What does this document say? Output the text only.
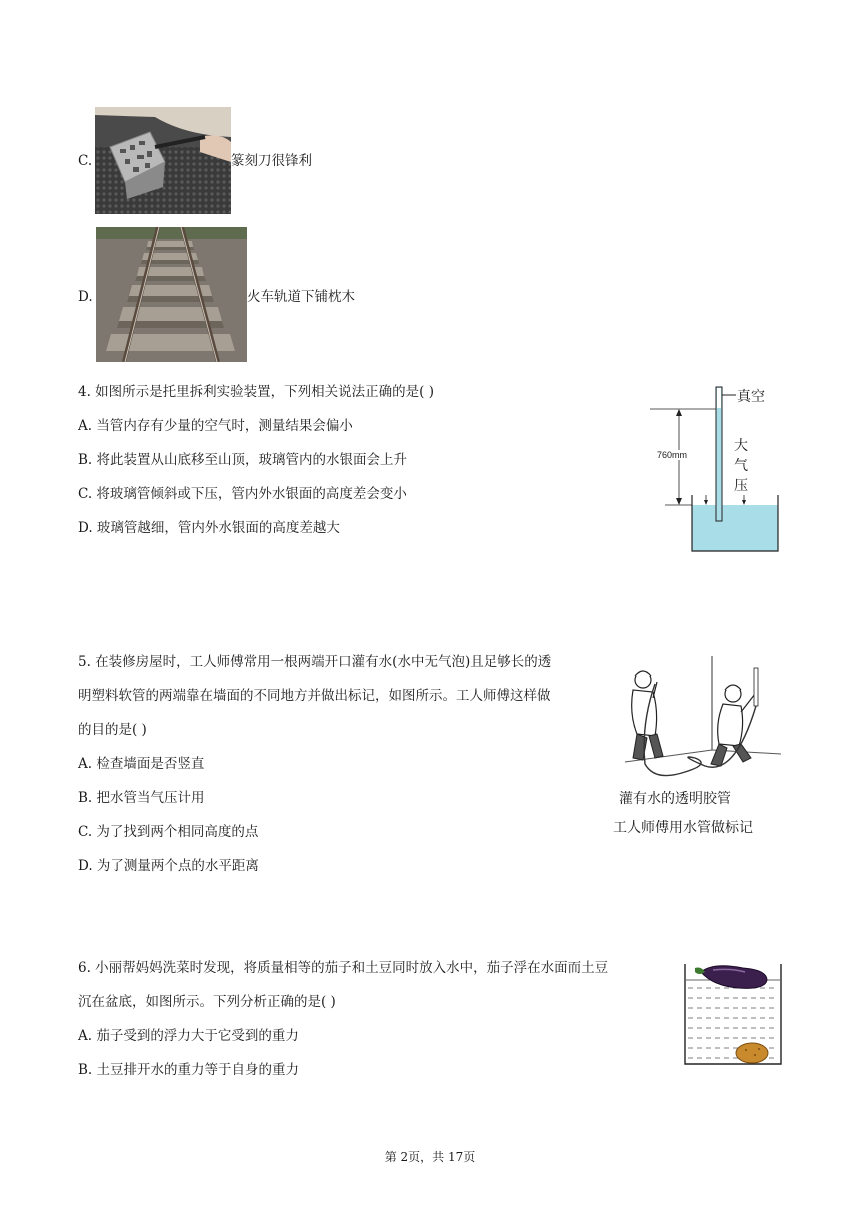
C.	篆刻刀很锋利
D.	火车轨道下铺枕木
4. 如图所示是托里拆利实验装置，下列相关说法正确的是( )
A. 当管内存有少量的空气时，测量结果会偏小
B. 将此装置从山底移至山顶，玻璃管内的水银面会上升
C. 将玻璃管倾斜或下压，管内外水银面的高度差会变小
D. 玻璃管越细，管内外水银面的高度差越大
真空
大
气
压
760mm
5. 在装修房屋时，工人师傅常用一根两端开口灌有水(水中无气泡)且足够长的透
明塑料软管的两端靠在墙面的不同地方并做出标记，如图所示。工人师傅这样做
的目的是( )
A. 检查墙面是否竖直
B. 把水管当气压计用
C. 为了找到两个相同高度的点
D. 为了测量两个点的水平距离
灌有水的透明胶管
工人师傅用水管做标记
6. 小丽帮妈妈洗菜时发现，将质量相等的茄子和土豆同时放入水中，茄子浮在水面而土豆
沉在盆底，如图所示。下列分析正确的是( )
A. 茄子受到的浮力大于它受到的重力
B. 土豆排开水的重力等于自身的重力
第 2页，共 17页
